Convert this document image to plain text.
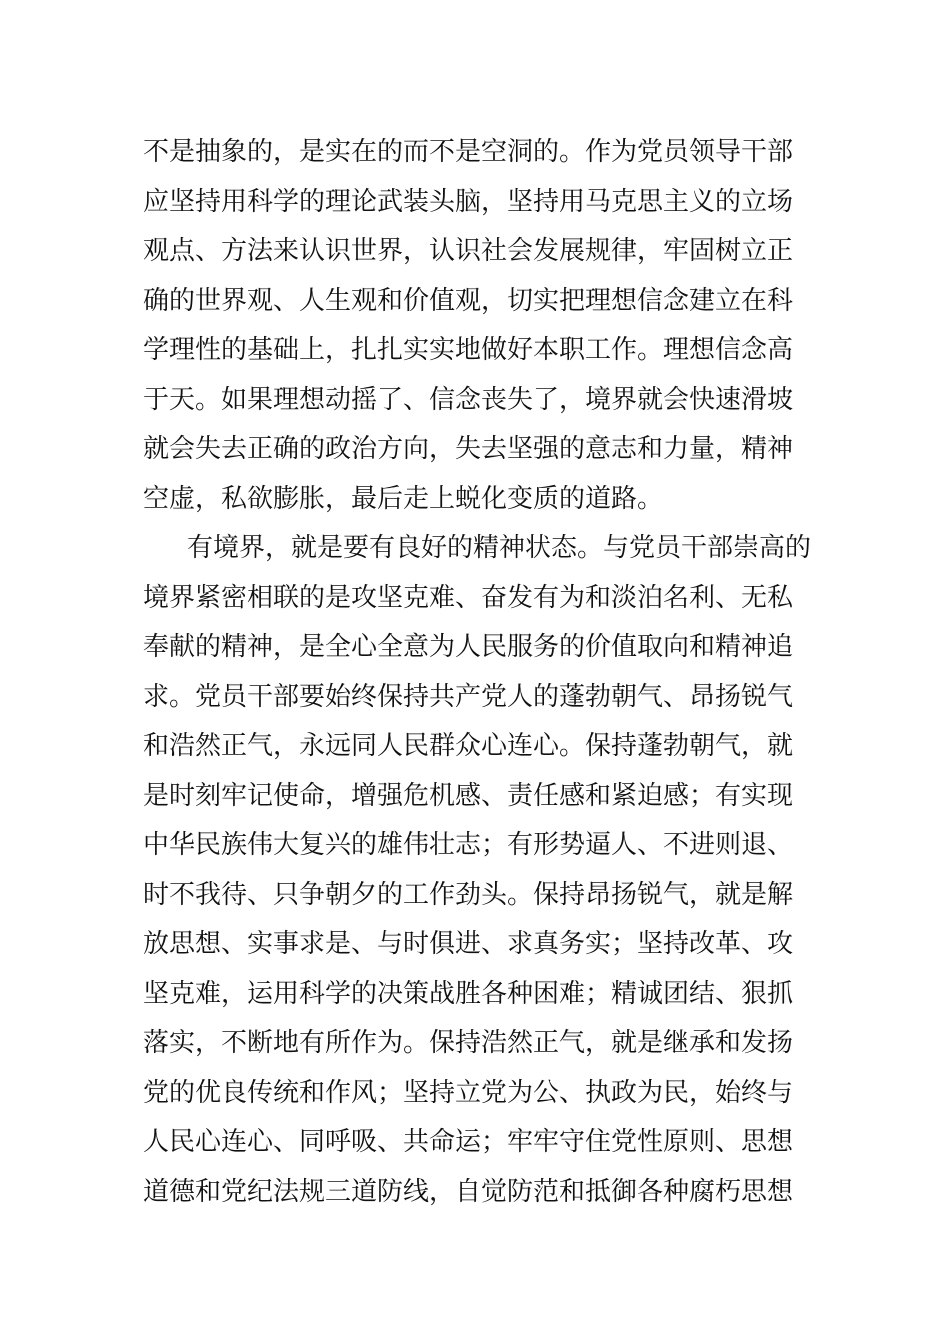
不是抽象的，是实在的而不是空洞的。作为党员领导干部
应坚持用科学的理论武装头脑，坚持用马克思主义的立场
观点、方法来认识世界，认识社会发展规律，牢固树立正
确的世界观、人生观和价值观，切实把理想信念建立在科
学理性的基础上，扎扎实实地做好本职工作。理想信念高
于天。如果理想动摇了、信念丧失了，境界就会快速滑坡
就会失去正确的政治方向，失去坚强的意志和力量，精神
空虚，私欲膨胀，最后走上蜕化变质的道路。
有境界，就是要有良好的精神状态。与党员干部崇高的
境界紧密相联的是攻坚克难、奋发有为和淡泊名利、无私
奉献的精神，是全心全意为人民服务的价值取向和精神追
求。党员干部要始终保持共产党人的蓬勃朝气、昂扬锐气
和浩然正气，永远同人民群众心连心。保持蓬勃朝气，就
是时刻牢记使命，增强危机感、责任感和紧迫感；有实现
中华民族伟大复兴的雄伟壮志；有形势逼人、不进则退、
时不我待、只争朝夕的工作劲头。保持昂扬锐气，就是解
放思想、实事求是、与时俱进、求真务实；坚持改革、攻
坚克难，运用科学的决策战胜各种困难；精诚团结、狠抓
落实，不断地有所作为。保持浩然正气，就是继承和发扬
党的优良传统和作风；坚持立党为公、执政为民，始终与
人民心连心、同呼吸、共命运；牢牢守住党性原则、思想
道德和党纪法规三道防线，自觉防范和抵御各种腐朽思想
